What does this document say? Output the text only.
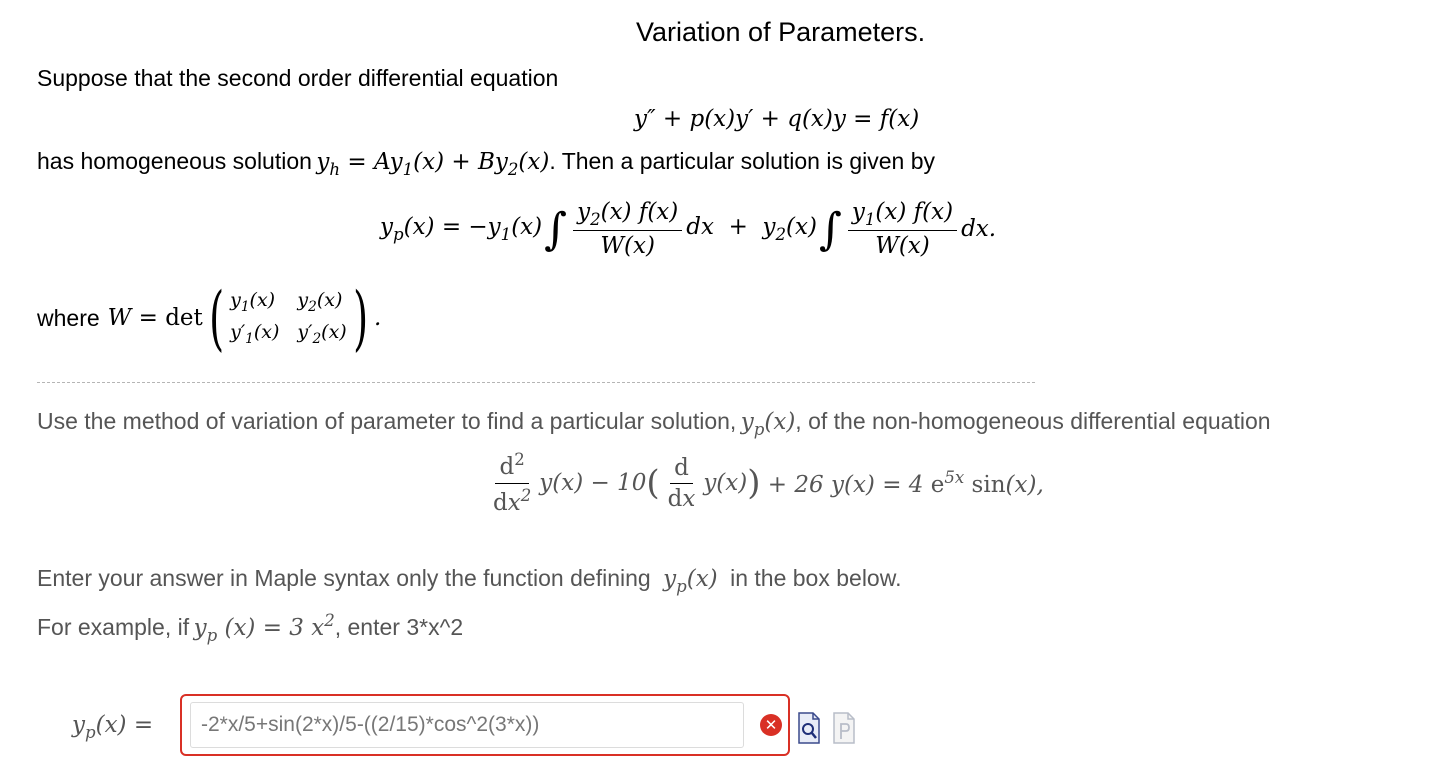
Variation of Parameters.
Suppose that the second order differential equation
y″ + p(x)y′ + q(x)y = f(x)
has homogeneous solution $y_h = Ay_1(x) + By_2(x)$. Then a particular solution is given by
$y_p(x) = -y_1(x)$ ∫ $\frac{y_2(x) f(x)}{W(x)}$ dx  +  $y_2(x)$ ∫ $\frac{y_1(x) f(x)}{W(x)}$ dx.
where W = det ( $y_1(x)$ $y_2(x)$
$y'_1(x)$ $y'_2(x)$ ) .
Use the method of variation of parameter to find a particular solution, $y_p(x)$, of the non-homogeneous differential equation
$\frac{d^2}{dx^2} y(x) - 10$ ( $\frac{d}{dx} y(x)$ ) + 26 y(x) = 4 $e^{5x}$ sin(x),
Enter your answer in Maple syntax only the function defining $y_p(x)$ in the box below.
For example, if $y_p$ (x) = 3 $x^2$, enter 3*x^2
$y_p(x)$ =
-2*x/5+sin(2*x)/5-((2/15)*cos^2(3*x))	✕
